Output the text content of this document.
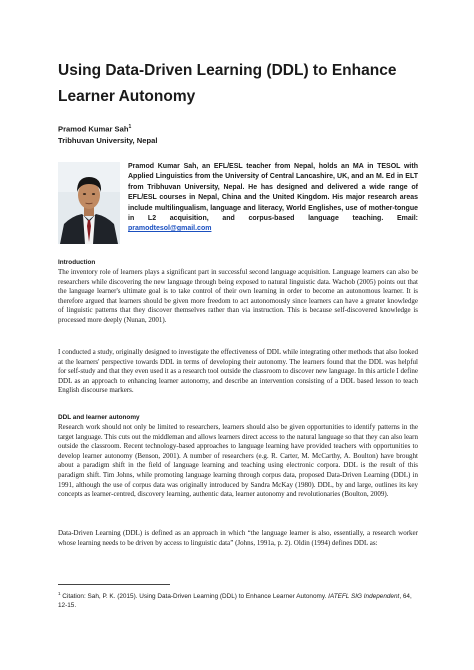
Using Data-Driven Learning (DDL) to Enhance Learner Autonomy
Pramod Kumar Sah$^1$
Tribhuvan University, Nepal

Pramod Kumar Sah, an EFL/ESL teacher from Nepal, holds an MA in TESOL with Applied Linguistics from the University of Central Lancashire, UK, and an M. Ed in ELT from Tribhuvan University, Nepal. He has designed and delivered a wide range of EFL/ESL courses in Nepal, China and the United Kingdom. His major research areas include multilingualism, language and literacy, World Englishes, use of mother-tongue in L2 acquisition, and corpus-based language teaching. Email: pramodtesol@gmail.com

Introduction

The inventory role of learners plays a significant part in successful second language acquisition. Language learners can also be researchers while discovering the new language through being exposed to natural linguistic data. Wachob (2005) points out that the language learner's ultimate goal is to take control of their own learning in order to become an autonomous learner. It is therefore argued that learners should be given more freedom to act autonomously since learners can have a greater knowledge of linguistic patterns that they discover themselves rather than via instruction. This is because self-discovered knowledge is processed more deeply (Nunan, 2001).

I conducted a study, originally designed to investigate the effectiveness of DDL while integrating other methods that also looked at the learners' perspective towards DDL in terms of developing their autonomy. The learners found that the DDL was helpful for self-study and that they even used it as a research tool outside the classroom to discover new language. In this article I define DDL as an approach to enhancing learner autonomy, and describe an intervention consisting of a DDL based lesson to teach English discourse markers.

DDL and learner autonomy

Research work should not only be limited to researchers, learners should also be given opportunities to identify patterns in the target language. This cuts out the middleman and allows learners direct access to the natural language so that they can also learn outside the classroom. Recent technology-based approaches to language learning have provided teachers with opportunities to develop learner autonomy (Benson, 2001). A number of researchers (e.g. R. Carter, M. McCarthy, A. Boulton) have brought about a paradigm shift in the field of language learning and teaching using electronic corpora. DDL is the result of this paradigm shift. Tim Johns, while promoting language learning through corpus data, proposed Data-Driven Learning (DDL) in 1991, although the use of corpus data was originally introduced by Sandra McKay (1980). DDL, by and large, outlines its key concepts as learner-centred, discovery learning, authentic data, learner autonomy and revolutionaries (Boulton, 2009).

Data-Driven Learning (DDL) is defined as an approach in which “the language learner is also, essentially, a research worker whose learning needs to be driven by access to linguistic data” (Johns, 1991a, p. 2). Oldin (1994) defines DDL as:

$^1$ Citation: Sah, P. K. (2015). Using Data-Driven Learning (DDL) to Enhance Learner Autonomy. IATEFL SIG Independent, 64, 12-15.
